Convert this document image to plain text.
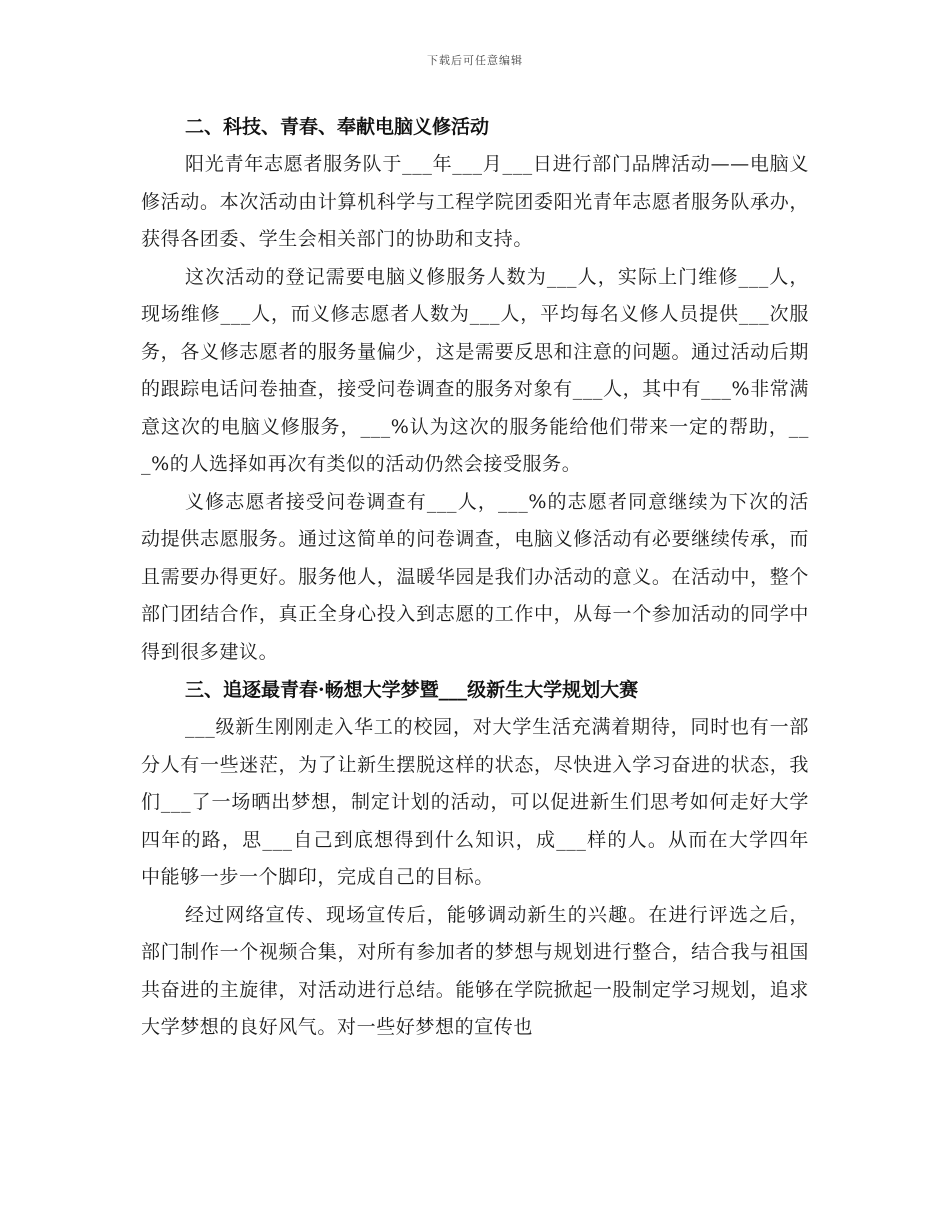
下载后可任意编辑
二、科技、青春、奉献电脑义修活动

阳光青年志愿者服务队于___年___月___日进行部门品牌活动——电脑义修活动。本次活动由计算机科学与工程学院团委阳光青年志愿者服务队承办，获得各团委、学生会相关部门的协助和支持。

这次活动的登记需要电脑义修服务人数为___人，实际上门维修___人，现场维修___人，而义修志愿者人数为___人，平均每名义修人员提供___次服务，各义修志愿者的服务量偏少，这是需要反思和注意的问题。通过活动后期的跟踪电话问卷抽查，接受问卷调查的服务对象有___人，其中有___%非常满意这次的电脑义修服务，___%认为这次的服务能给他们带来一定的帮助，___%的人选择如再次有类似的活动仍然会接受服务。

义修志愿者接受问卷调查有___人，___%的志愿者同意继续为下次的活动提供志愿服务。通过这简单的问卷调查，电脑义修活动有必要继续传承，而且需要办得更好。服务他人，温暖华园是我们办活动的意义。在活动中，整个部门团结合作，真正全身心投入到志愿的工作中，从每一个参加活动的同学中得到很多建议。

三、追逐最青春·畅想大学梦暨___级新生大学规划大赛

___级新生刚刚走入华工的校园，对大学生活充满着期待，同时也有一部分人有一些迷茫，为了让新生摆脱这样的状态，尽快进入学习奋进的状态，我们___了一场晒出梦想，制定计划的活动，可以促进新生们思考如何走好大学四年的路，思___自己到底想得到什么知识，成___样的人。从而在大学四年中能够一步一个脚印，完成自己的目标。

经过网络宣传、现场宣传后，能够调动新生的兴趣。在进行评选之后，部门制作一个视频合集，对所有参加者的梦想与规划进行整合，结合我与祖国共奋进的主旋律，对活动进行总结。能够在学院掀起一股制定学习规划，追求大学梦想的良好风气。对一些好梦想的宣传也
